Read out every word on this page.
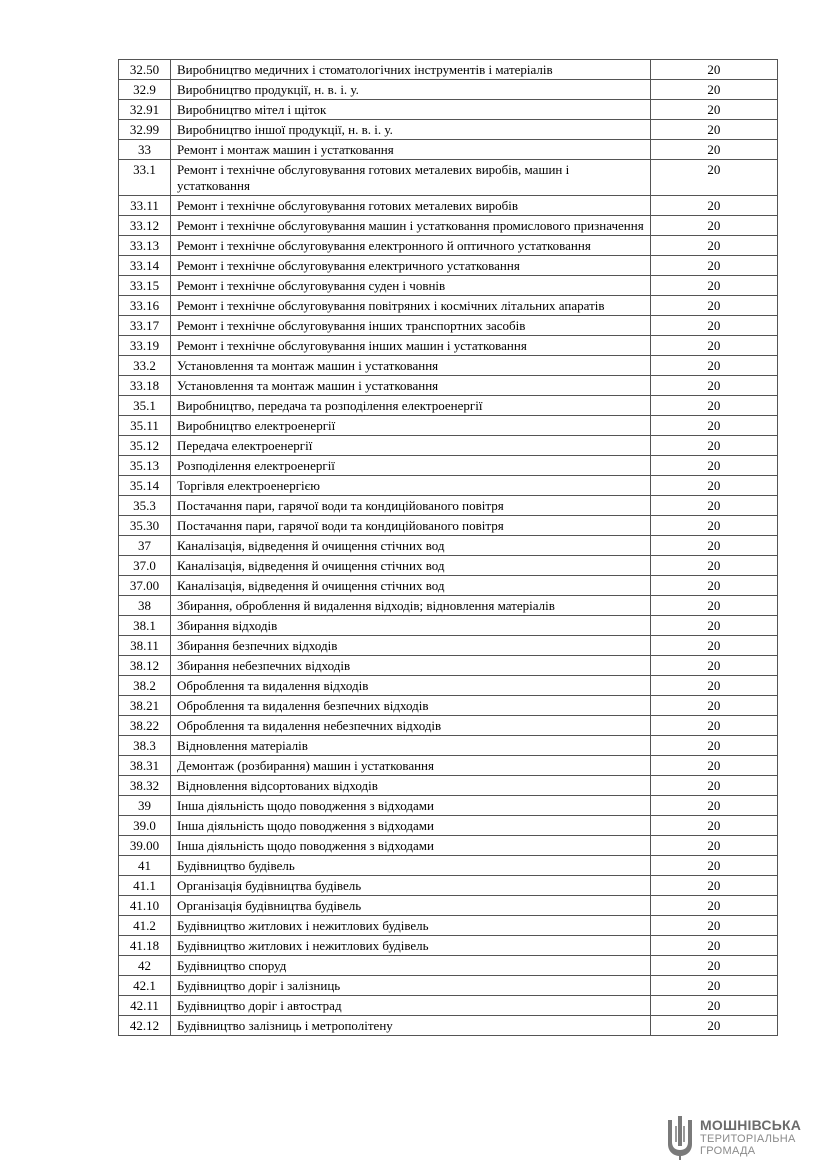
32.50	Виробництво медичних і стоматологічних інструментів і матеріалів	20
32.9	Виробництво продукції, н. в. і. у.	20
32.91	Виробництво мітел і щіток	20
32.99	Виробництво іншої продукції, н. в. і. у.	20
33	Ремонт і монтаж машин і устатковання	20
33.1	Ремонт і технічне обслуговування готових металевих виробів, машин і устатковання	20
33.11	Ремонт і технічне обслуговування готових металевих виробів	20
33.12	Ремонт і технічне обслуговування машин і устатковання промислового призначення	20
33.13	Ремонт і технічне обслуговування електронного й оптичного устатковання	20
33.14	Ремонт і технічне обслуговування електричного устатковання	20
33.15	Ремонт і технічне обслуговування суден і човнів	20
33.16	Ремонт і технічне обслуговування повітряних і космічних літальних апаратів	20
33.17	Ремонт і технічне обслуговування інших транспортних засобів	20
33.19	Ремонт і технічне обслуговування інших машин і устатковання	20
33.2	Установлення та монтаж машин і устатковання	20
33.18	Установлення та монтаж машин і устатковання	20
35.1	Виробництво, передача та розподілення електроенергії	20
35.11	Виробництво електроенергії	20
35.12	Передача електроенергії	20
35.13	Розподілення електроенергії	20
35.14	Торгівля електроенергією	20
35.3	Постачання пари, гарячої води та кондиційованого повітря	20
35.30	Постачання пари, гарячої води та кондиційованого повітря	20
37	Каналізація, відведення й очищення стічних вод	20
37.0	Каналізація, відведення й очищення стічних вод	20
37.00	Каналізація, відведення й очищення стічних вод	20
38	Збирання, оброблення й видалення відходів; відновлення матеріалів	20
38.1	Збирання відходів	20
38.11	Збирання безпечних відходів	20
38.12	Збирання небезпечних відходів	20
38.2	Оброблення та видалення відходів	20
38.21	Оброблення та видалення безпечних відходів	20
38.22	Оброблення та видалення небезпечних відходів	20
38.3	Відновлення матеріалів	20
38.31	Демонтаж (розбирання) машин і устатковання	20
38.32	Відновлення відсортованих відходів	20
39	Інша діяльність щодо поводження з відходами	20
39.0	Інша діяльність щодо поводження з відходами	20
39.00	Інша діяльність щодо поводження з відходами	20
41	Будівництво будівель	20
41.1	Організація будівництва будівель	20
41.10	Організація будівництва будівель	20
41.2	Будівництво житлових і нежитлових будівель	20
41.18	Будівництво житлових і нежитлових будівель	20
42	Будівництво споруд	20
42.1	Будівництво доріг і залізниць	20
42.11	Будівництво доріг і автострад	20
42.12	Будівництво залізниць і метрополітену	20
МОШНІВСЬКА
ТЕРИТОРІАЛЬНА
ГРОМАДА
